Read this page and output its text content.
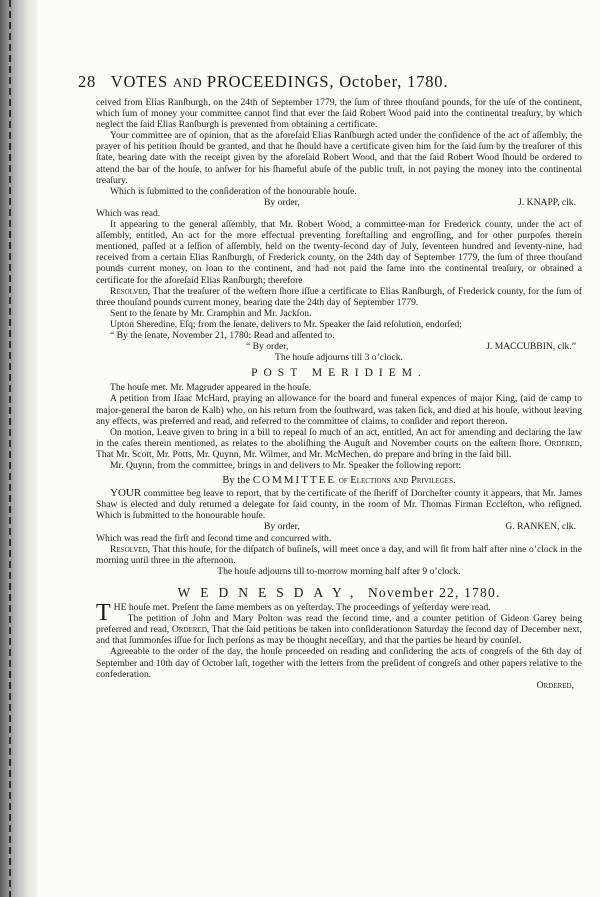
28 VOTES AND PROCEEDINGS, October, 1780.

ceived from Elias Ranſburgh, on the 24th of September 1779, the ſum of three thouſand pounds, for the uſe of the continent, which ſum of money your committee cannot find that ever the ſaid Robert Wood paid into the continental treaſury, by which neglect the ſaid Elias Ranſburgh is prevented from obtaining a certificate.

Your committee are of opinion, that as the aforeſaid Elias Ranſburgh acted under the confidence of the act of aſſembly, the prayer of his petition ſhould be granted, and that he ſhould have a certificate given him for the ſaid ſum by the treaſurer of this ſtate, bearing date with the receipt given by the aforeſaid Robert Wood, and that the ſaid Robert Wood ſhould be ordered to attend the bar of the houſe, to anſwer for his ſhameful abuſe of the public truſt, in not paying the money into the continental treaſury.

Which is ſubmitted to the conſideration of the honourable houſe.

By order,	J. KNAPP, clk.

Which was read.

It appearing to the general aſſembly, that Mr. Robert Wood, a committee-man for Frederick county, under the act of aſſembly, entitled, An act for the more effectual preventing foreſtalling and engroſſing, and for other purpoſes therein mentioned, paſſed at a ſeſſion of aſſembly, held on the twenty-ſecond day of July, ſeventeen hundred and ſeventy-nine, had received from a certain Elias Ranſburgh, of Frederick county, on the 24th day of September 1779, the ſum of three thouſand pounds current money, on loan to the continent, and had not paid the ſame into the continental treaſury, or obtained a certificate for the aforeſaid Elias Ranſburgh; therefore

Resolved, That the treaſurer of the weſtern ſhore iſſue a certificate to Elias Ranſburgh, of Frederick county, for the ſum of three thouſand pounds current money, bearing date the 24th day of September 1779.

Sent to the ſenate by Mr. Cramphin and Mr. Jackſon.

Upton Sheredine, Eſq; from the ſenate, delivers to Mr. Speaker the ſaid reſolution, endorſed;

“ By the ſenate, November 21, 1780: Read and aſſented to.

“ By order,	J. MACCUBBIN, clk.”

The houſe adjourns till 3 o’clock.

POST MERIDIEM.

The houſe met. Mr. Magruder appeared in the houſe.

A petition from Iſaac McHard, praying an allowance for the board and funeral expences of major King, (aid de camp to major-general the baron de Kalb) who, on his return from the ſouthward, was taken ſick, and died at his houſe, without leaving any effects, was preferred and read, and referred to the committee of claims, to conſider and report thereon.

On motion, Leave given to bring in a bill to repeal ſo much of an act, entitled, An act for amending and declaring the law in the caſes therein mentioned, as relates to the aboliſhing the Auguſt and November courts on the eaſtern ſhore. Ordered, That Mr. Scott, Mr. Potts, Mr. Quynn, Mr. Wilmer, and Mr. McMechen, do prepare and bring in the ſaid bill.

Mr. Quynn, from the committee, brings in and delivers to Mr. Speaker the following report:

By the COMMITTEE of Elections and Privileges.

YOUR committee beg leave to report, that by the certificate of the ſheriff of Dorcheſter county it appears, that Mr. James Shaw is elected and duly returned a delegate for ſaid county, in the room of Mr. Thomas Firman Eccleſton, who reſigned. Which is ſubmitted to the honourable houſe.

By order,	G. RANKEN, clk.

Which was read the firſt and ſecond time and concurred with.

Resolved, That this houſe, for the diſpatch of buſineſs, will meet once a day, and will ſit from half after nine o’clock in the morning until three in the afternoon.

The houſe adjourns till to-morrow morning half after 9 o’clock.

WEDNESDAY, November 22, 1780.

THE houſe met. Preſent the ſame members as on yeſterday. The proceedings of yeſterday were read.

The petition of John and Mary Polton was read the ſecond time, and a counter petition of Gideon Garey being preferred and read, Ordered, That the ſaid petitions be taken into conſiderationon Saturday the ſecond day of December next, and that ſummonſes iſſue for ſuch perſons as may be thought neceſſary, and that the parties be heard by counſel.

Agreeable to the order of the day, the houſe proceeded on reading and conſidering the acts of congreſs of the 6th day of September and 10th day of October laſt, together with the letters from the preſident of congreſs and other papers relative to the confederation.

Ordered,
